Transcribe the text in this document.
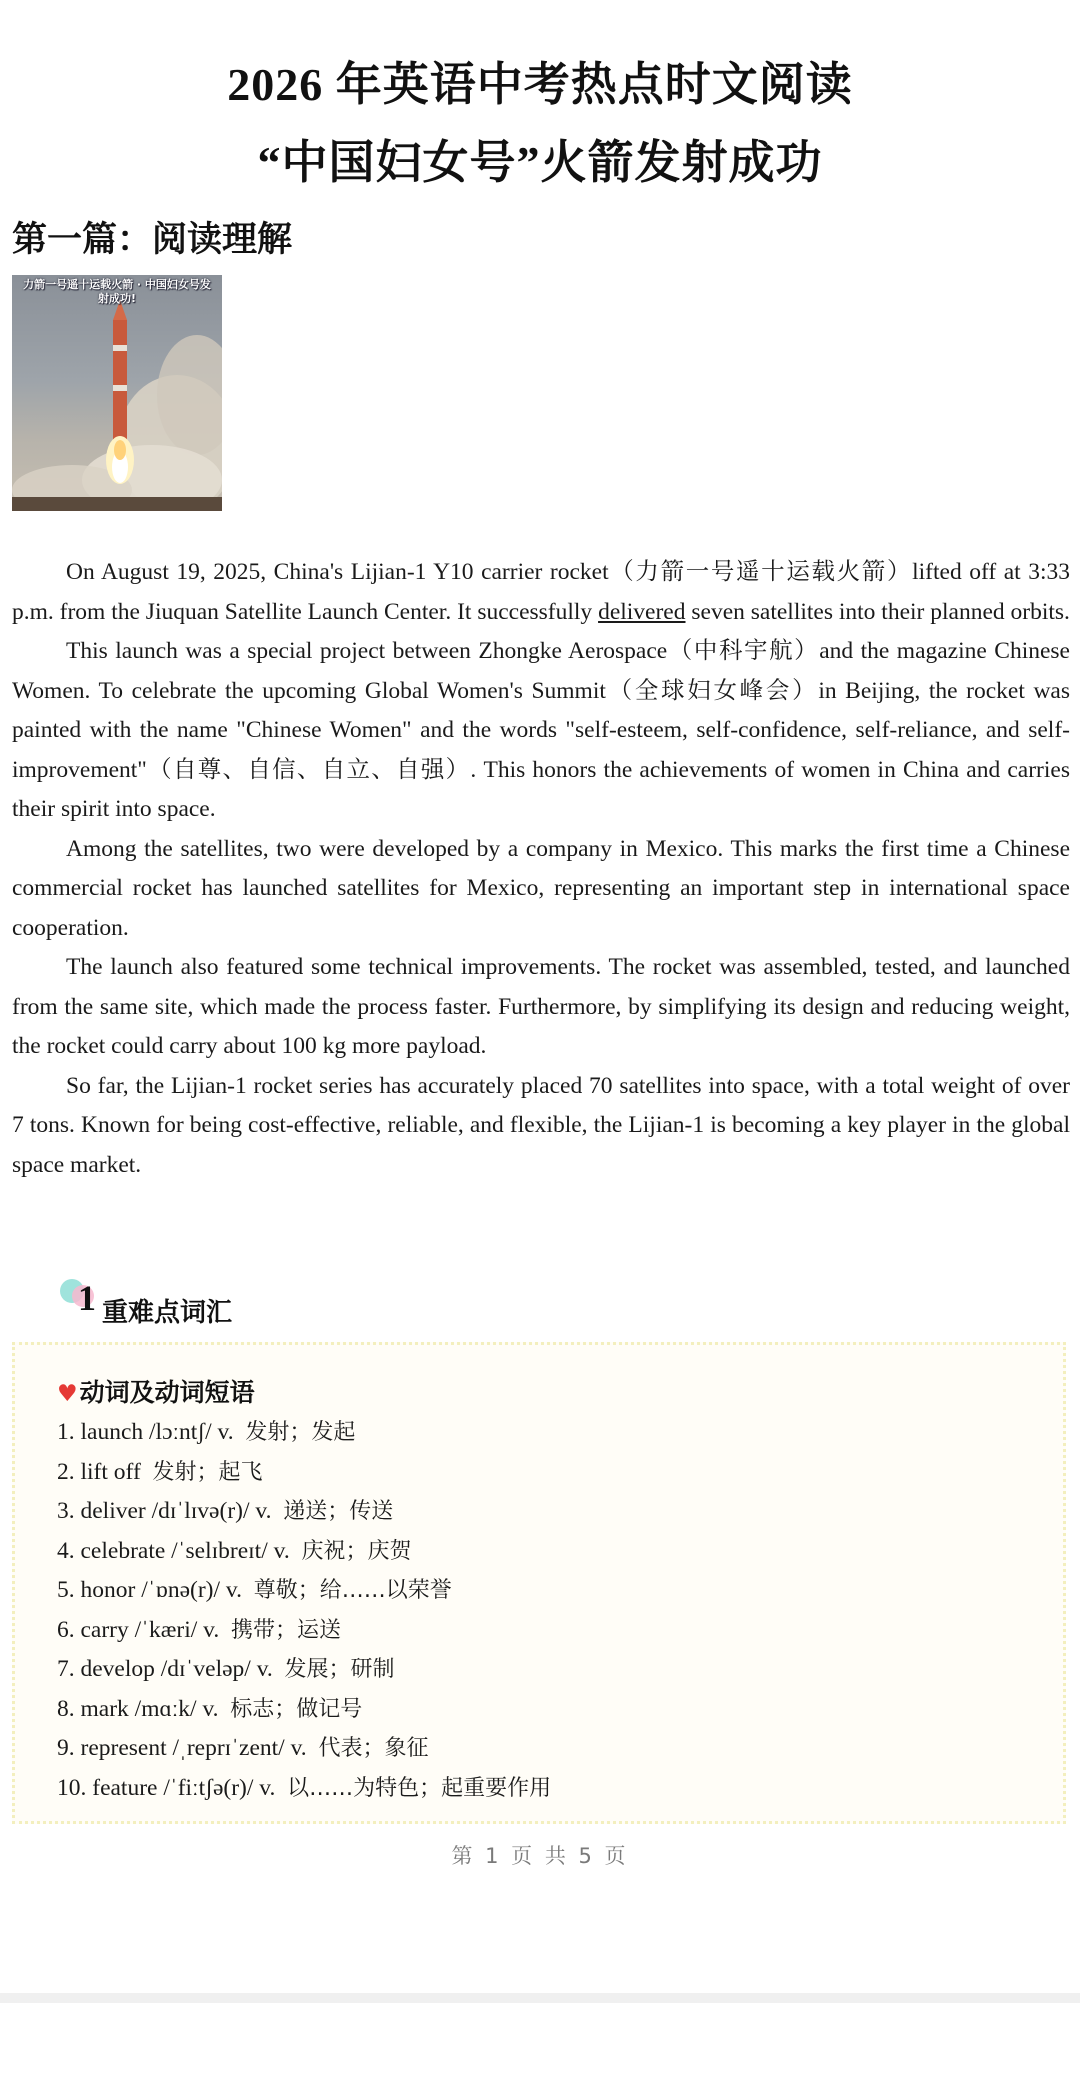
2026 年英语中考热点时文阅读
“中国妇女号”火箭发射成功
第一篇：阅读理解
力箭一号遥十运载火箭 · 中国妇女号发射成功!

On August 19, 2025, China's Lijian-1 Y10 carrier rocket（力箭一号遥十运载火箭）lifted off at 3:33 p.m. from the Jiuquan Satellite Launch Center. It successfully delivered seven satellites into their planned orbits.

This launch was a special project between Zhongke Aerospace（中科宇航）and the magazine Chinese Women. To celebrate the upcoming Global Women's Summit（全球妇女峰会）in Beijing, the rocket was painted with the name "Chinese Women" and the words "self-esteem, self-confidence, self-reliance, and self-improvement"（自尊、自信、自立、自强）. This honors the achievements of women in China and carries their spirit into space.

Among the satellites, two were developed by a company in Mexico. This marks the first time a Chinese commercial rocket has launched satellites for Mexico, representing an important step in international space cooperation.

The launch also featured some technical improvements. The rocket was assembled, tested, and launched from the same site, which made the process faster. Furthermore, by simplifying its design and reducing weight, the rocket could carry about 100 kg more payload.

So far, the Lijian-1 rocket series has accurately placed 70 satellites into space, with a total weight of over 7 tons. Known for being cost-effective, reliable, and flexible, the Lijian-1 is becoming a key player in the global space market.

1 重难点词汇
♥动词及动词短语
1. launch /lɔːntʃ/ v. 发射；发起
2. lift off 发射；起飞
3. deliver /dɪˈlɪvə(r)/ v. 递送；传送
4. celebrate /ˈselɪbreɪt/ v. 庆祝；庆贺
5. honor /ˈɒnə(r)/ v. 尊敬；给……以荣誉
6. carry /ˈkæri/ v. 携带；运送
7. develop /dɪˈveləp/ v. 发展；研制
8. mark /mɑːk/ v. 标志；做记号
9. represent /ˌreprɪˈzent/ v. 代表；象征
10. feature /ˈfiːtʃə(r)/ v. 以……为特色；起重要作用
第 1 页 共 5 页
